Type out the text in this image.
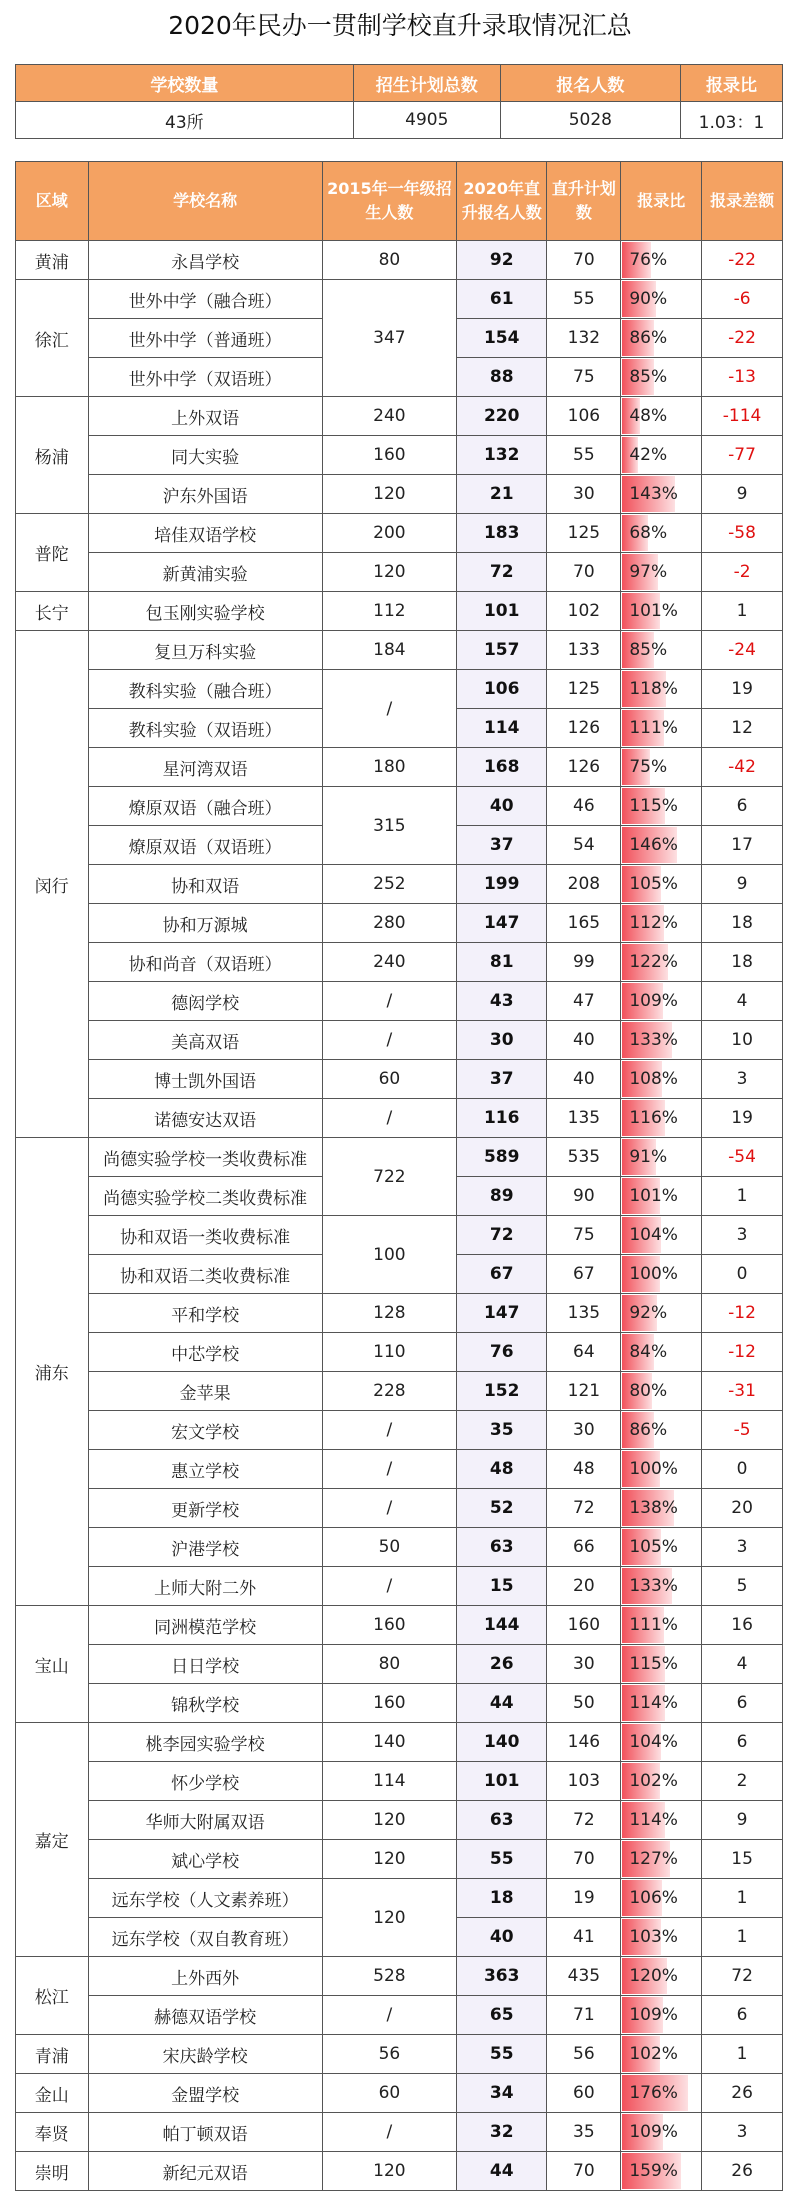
2020年民办一贯制学校直升录取情况汇总
学校数量	招生计划总数	报名人数	报录比
43所	4905	5028	1.03：1
区域	学校名称	2015年一年级招生人数	2020年直升报名人数	直升计划数	报录比	报录差额
黄浦	永昌学校	80	92	70	76%	-22
徐汇	世外中学（融合班）	347	61	55	90%	-6
	世外中学（普通班）		154	132	86%	-22
	世外中学（双语班）		88	75	85%	-13
杨浦	上外双语	240	220	106	48%	-114
	同大实验	160	132	55	42%	-77
	沪东外国语	120	21	30	143%	9
普陀	培佳双语学校	200	183	125	68%	-58
	新黄浦实验	120	72	70	97%	-2
长宁	包玉刚实验学校	112	101	102	101%	1
闵行	复旦万科实验	184	157	133	85%	-24
	教科实验（融合班）	/	106	125	118%	19
	教科实验（双语班）		114	126	111%	12
	星河湾双语	180	168	126	75%	-42
	燎原双语（融合班）	315	40	46	115%	6
	燎原双语（双语班）		37	54	146%	17
	协和双语	252	199	208	105%	9
	协和万源城	280	147	165	112%	18
	协和尚音（双语班）	240	81	99	122%	18
	德闳学校	/	43	47	109%	4
	美高双语	/	30	40	133%	10
	博士凯外国语	60	37	40	108%	3
	诺德安达双语	/	116	135	116%	19
浦东	尚德实验学校一类收费标准	722	589	535	91%	-54
	尚德实验学校二类收费标准		89	90	101%	1
	协和双语一类收费标准	100	72	75	104%	3
	协和双语二类收费标准		67	67	100%	0
	平和学校	128	147	135	92%	-12
	中芯学校	110	76	64	84%	-12
	金苹果	228	152	121	80%	-31
	宏文学校	/	35	30	86%	-5
	惠立学校	/	48	48	100%	0
	更新学校	/	52	72	138%	20
	沪港学校	50	63	66	105%	3
	上师大附二外	/	15	20	133%	5
宝山	同洲模范学校	160	144	160	111%	16
	日日学校	80	26	30	115%	4
	锦秋学校	160	44	50	114%	6
嘉定	桃李园实验学校	140	140	146	104%	6
	怀少学校	114	101	103	102%	2
	华师大附属双语	120	63	72	114%	9
	斌心学校	120	55	70	127%	15
	远东学校（人文素养班）	120	18	19	106%	1
	远东学校（双自教育班）		40	41	103%	1
松江	上外西外	528	363	435	120%	72
	赫德双语学校	/	65	71	109%	6
青浦	宋庆龄学校	56	55	56	102%	1
金山	金盟学校	60	34	60	176%	26
奉贤	帕丁顿双语	/	32	35	109%	3
崇明	新纪元双语	120	44	70	159%	26
